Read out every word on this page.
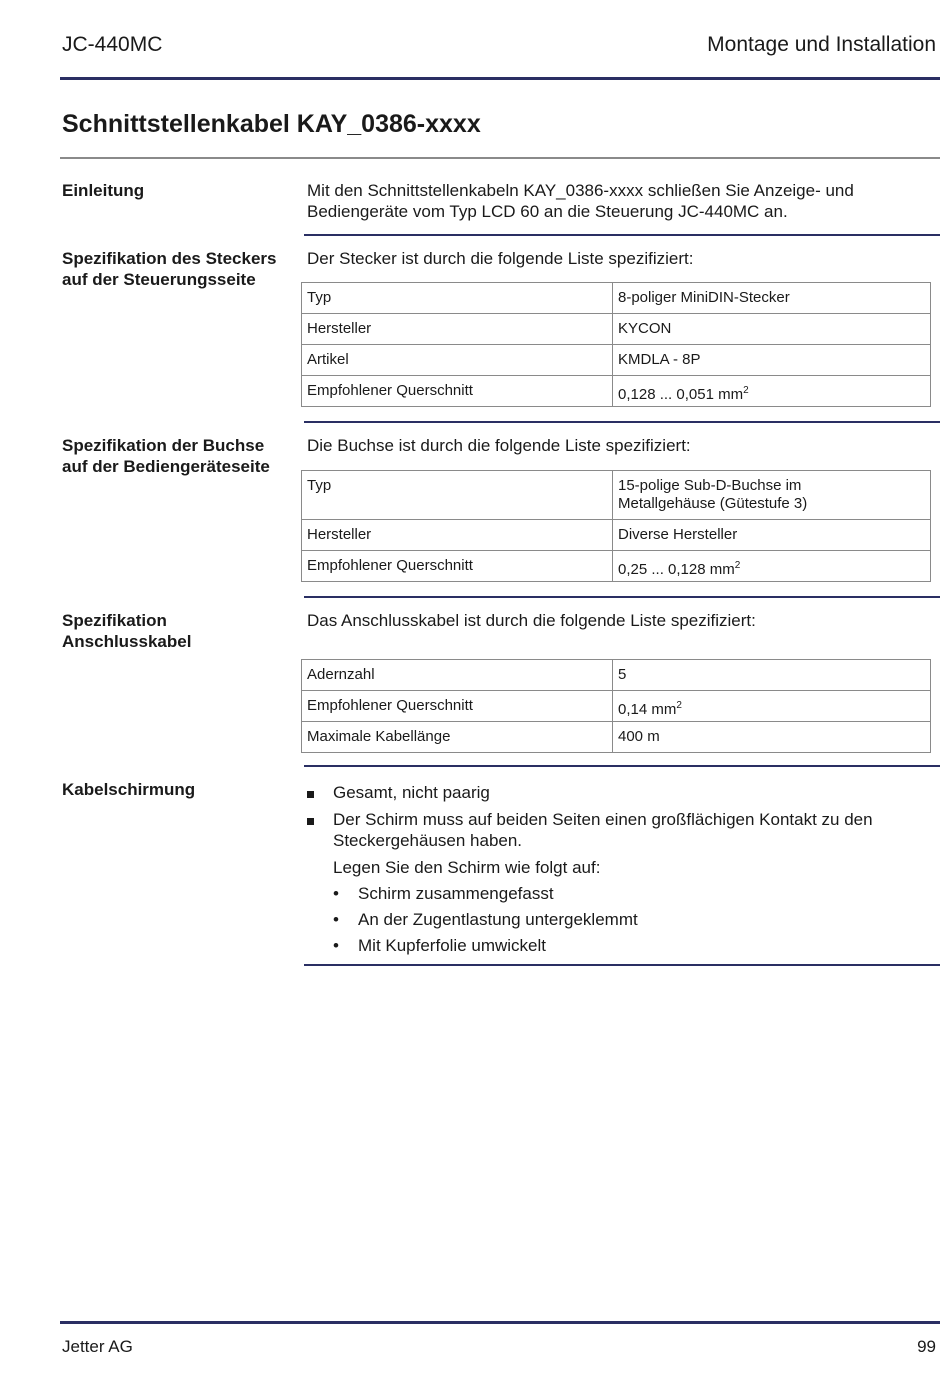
JC-440MC	Montage und Installation
Schnittstellenkabel KAY_0386-xxxx
Einleitung	Mit den Schnittstellenkabeln KAY_0386-xxxx schließen Sie Anzeige- und Bediengeräte vom Typ LCD 60 an die Steuerung JC-440MC an.
Spezifikation des Steckers auf der Steuerungsseite
Der Stecker ist durch die folgende Liste spezifiziert:
Typ	8-poliger MiniDIN-Stecker

Hersteller	KYCON

Artikel	KMDLA - 8P

Empfohlener Querschnitt	0,128 ... 0,051 $mm^2$
Spezifikation der Buchse auf der Bediengeräteseite
Die Buchse ist durch die folgende Liste spezifiziert:
Typ	15-polige Sub-D-Buchse im Metallgehäuse (Gütestufe 3)

Hersteller	Diverse Hersteller

Empfohlener Querschnitt	0,25 ... 0,128 $mm^2$
Spezifikation Anschlusskabel
Das Anschlusskabel ist durch die folgende Liste spezifiziert:
Adernzahl	5

Empfohlener Querschnitt	0,14 $mm^2$

Maximale Kabellänge	400 m
Kabelschirmung	Gesamt, nicht paarig
Der Schirm muss auf beiden Seiten einen großflächigen Kontakt zu den Steckergehäusen haben.
Legen Sie den Schirm wie folgt auf:
• Schirm zusammengefasst
• An der Zugentlastung untergeklemmt
• Mit Kupferfolie umwickelt
Jetter AG	99
